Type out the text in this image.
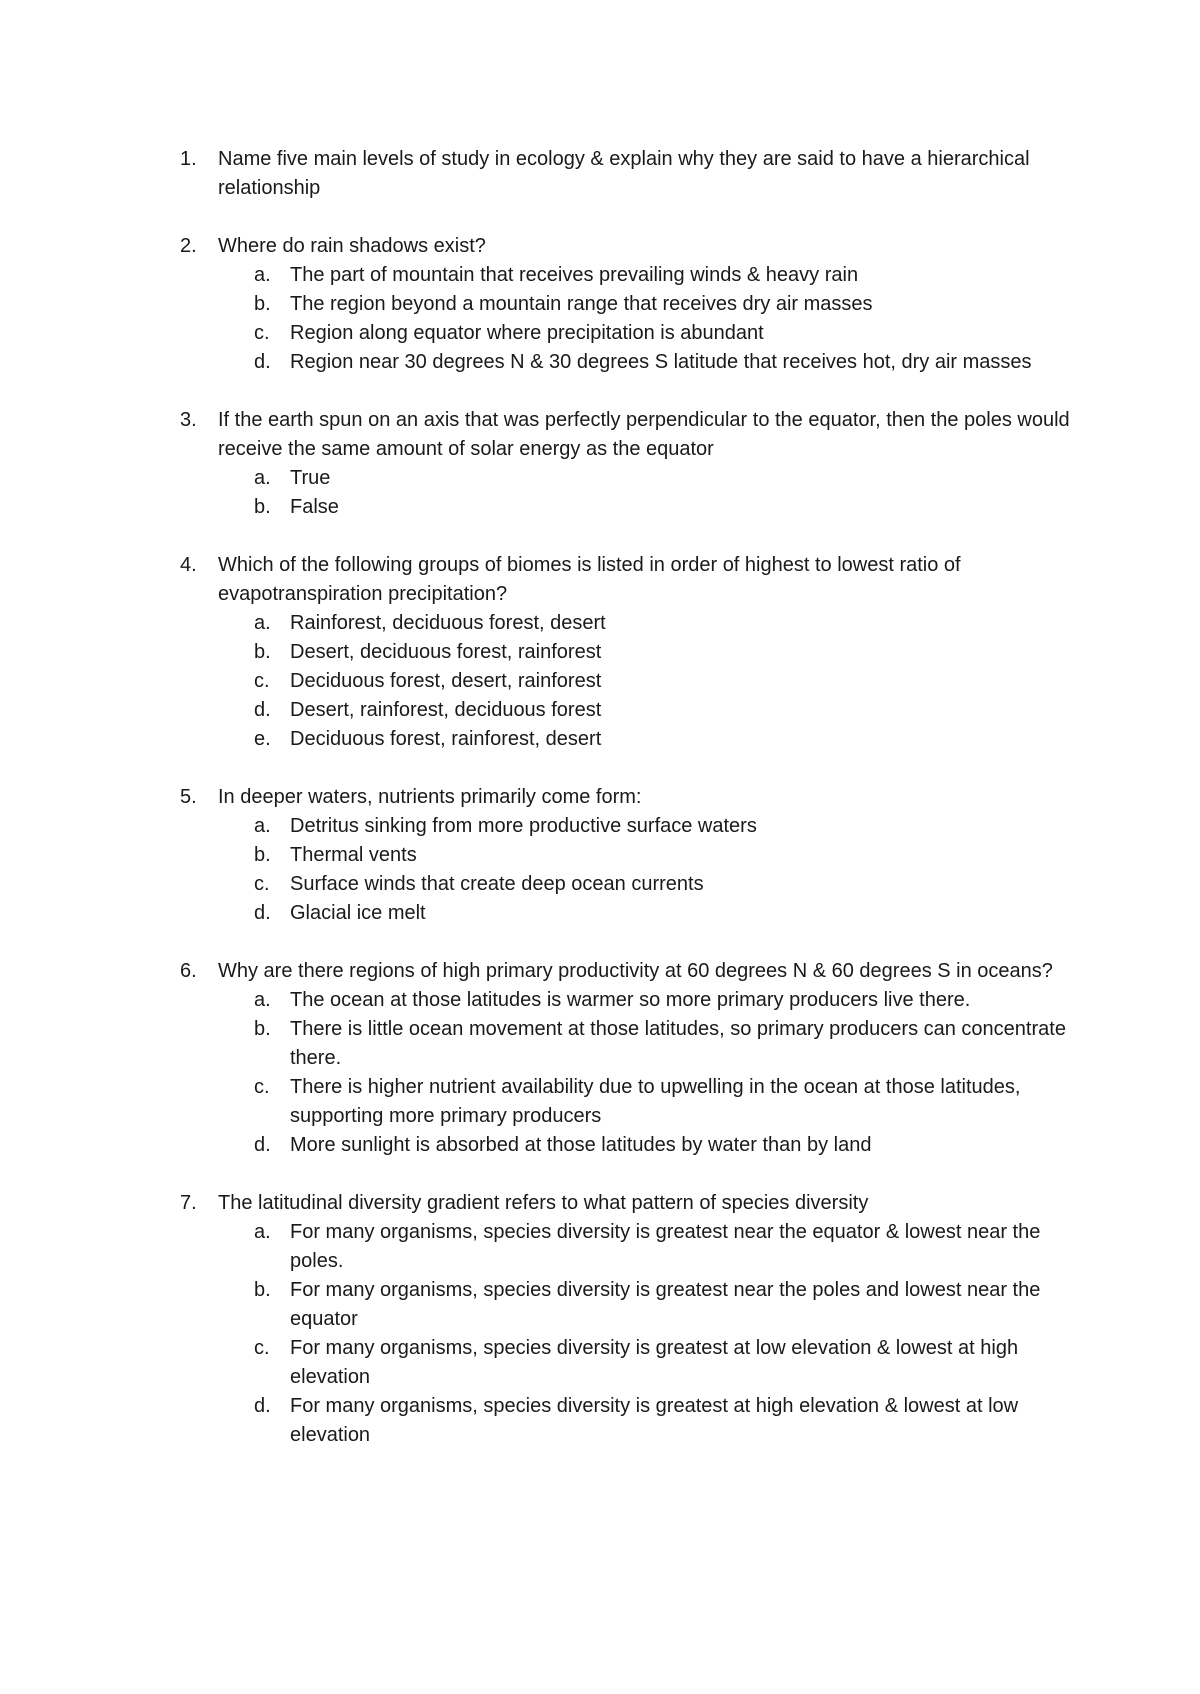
1. Name five main levels of study in ecology & explain why they are said to have a hierarchical relationship
2. Where do rain shadows exist?
a. The part of mountain that receives prevailing winds & heavy rain
b. The region beyond a mountain range that receives dry air masses
c. Region along equator where precipitation is abundant
d. Region near 30 degrees N & 30 degrees S latitude that receives hot, dry air masses
3. If the earth spun on an axis that was perfectly perpendicular to the equator, then the poles would receive the same amount of solar energy as the equator
a. True
b. False
4. Which of the following groups of biomes is listed in order of highest to lowest ratio of evapotranspiration precipitation?
a. Rainforest, deciduous forest, desert
b. Desert, deciduous forest, rainforest
c. Deciduous forest, desert, rainforest
d. Desert, rainforest, deciduous forest
e. Deciduous forest, rainforest, desert
5. In deeper waters, nutrients primarily come form:
a. Detritus sinking from more productive surface waters
b. Thermal vents
c. Surface winds that create deep ocean currents
d. Glacial ice melt
6. Why are there regions of high primary productivity at 60 degrees N & 60 degrees S in oceans?
a. The ocean at those latitudes is warmer so more primary producers live there.
b. There is little ocean movement at those latitudes, so primary producers can concentrate there.
c. There is higher nutrient availability due to upwelling in the ocean at those latitudes, supporting more primary producers
d. More sunlight is absorbed at those latitudes by water than by land
7. The latitudinal diversity gradient refers to what pattern of species diversity
a. For many organisms, species diversity is greatest near the equator & lowest near the poles.
b. For many organisms, species diversity is greatest near the poles and lowest near the equator
c. For many organisms, species diversity is greatest at low elevation & lowest at high elevation
d. For many organisms, species diversity is greatest at high elevation & lowest at low elevation
